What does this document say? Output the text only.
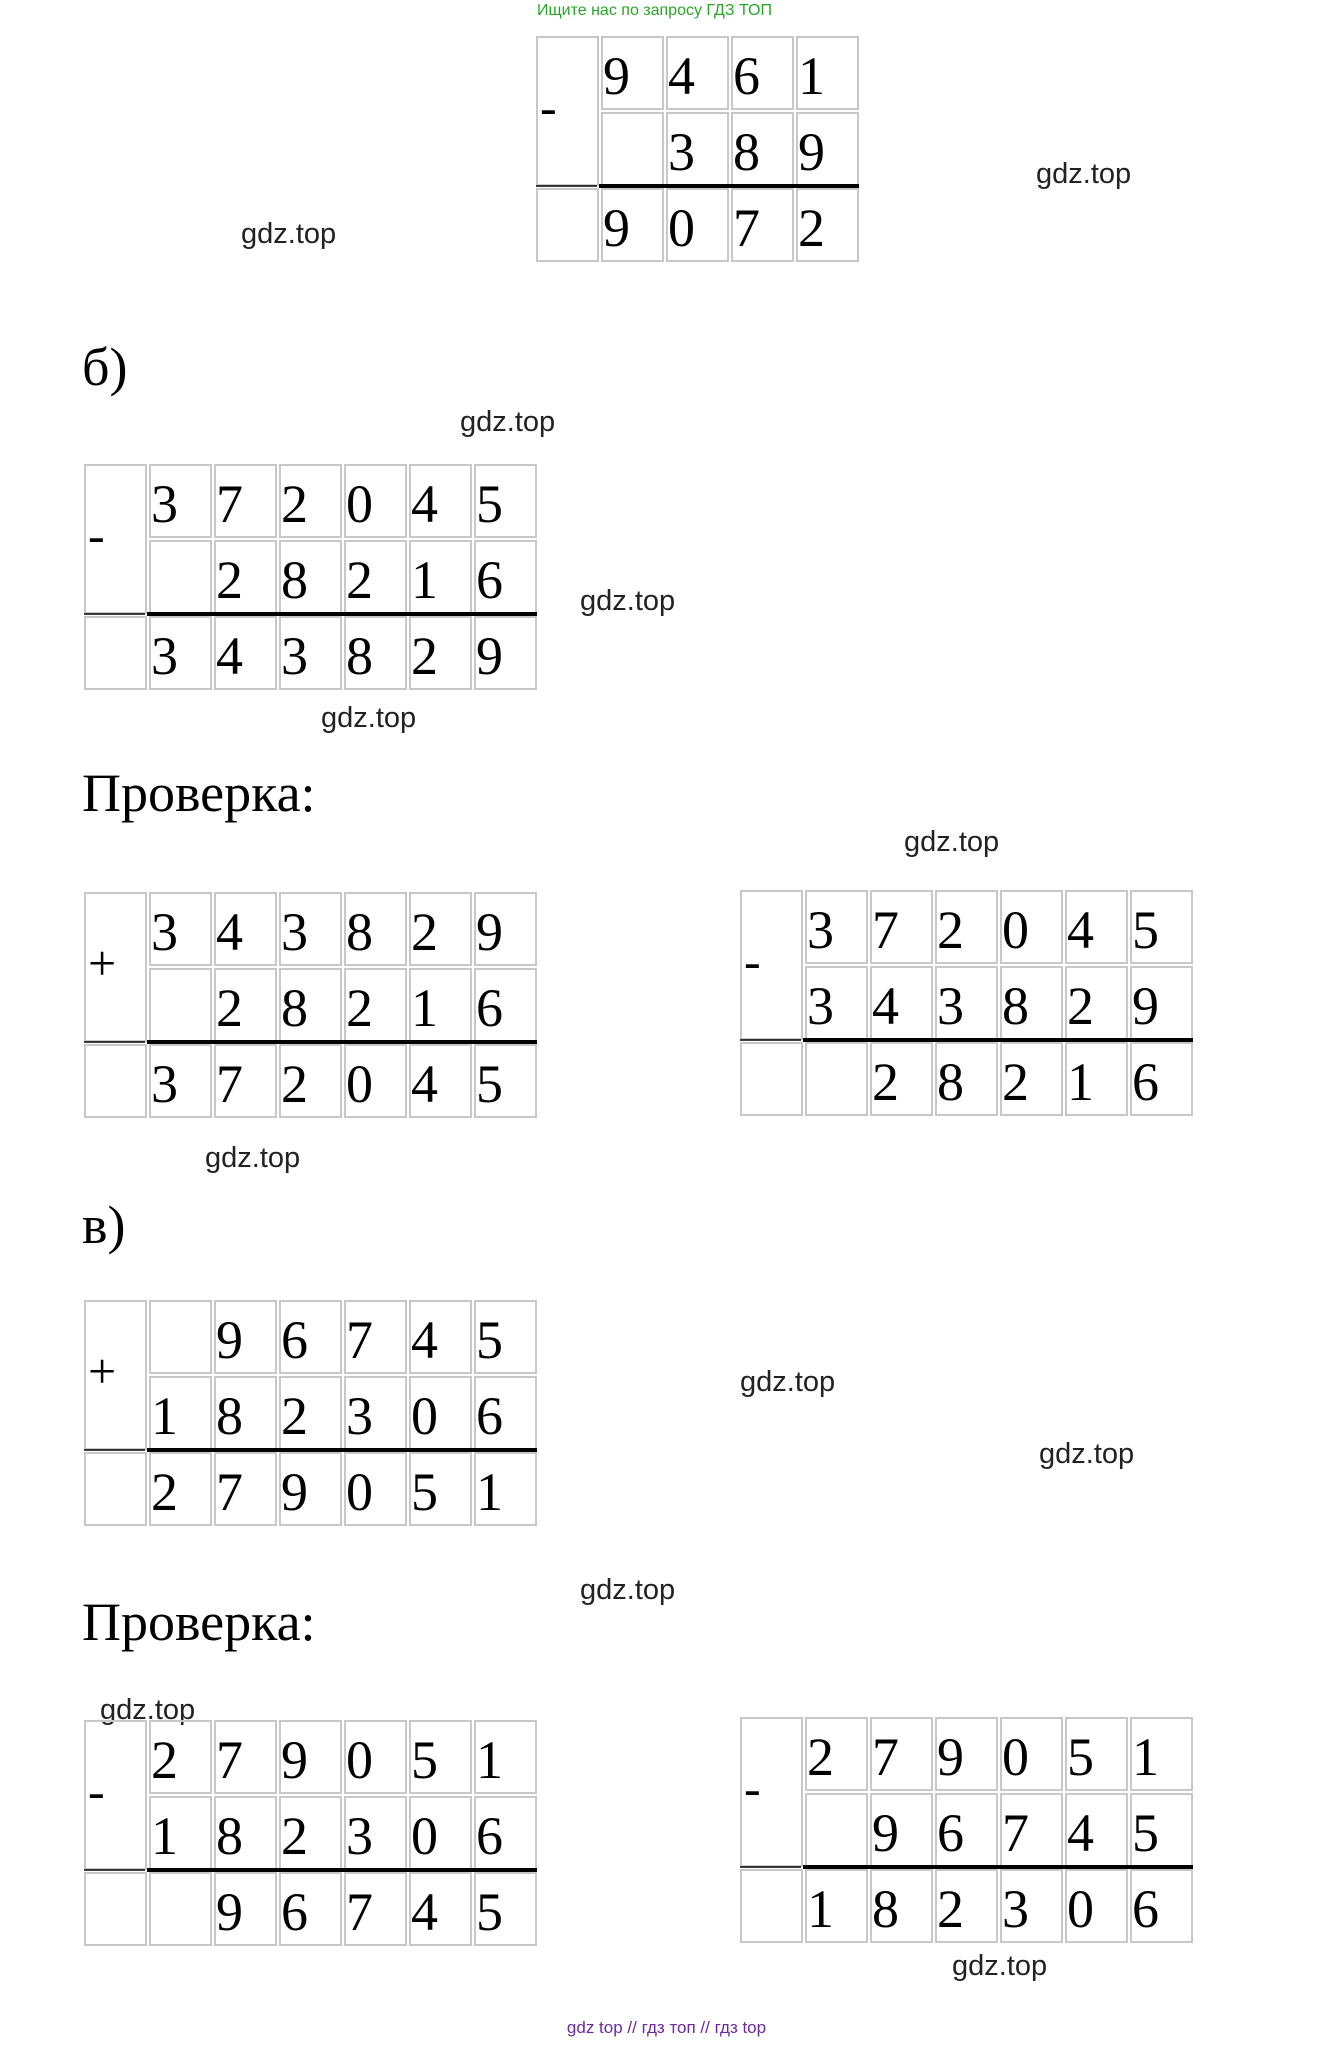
Ищите нас по запросу ГДЗ ТОП
gdz.top
gdz.top
gdz.top
gdz.top
gdz.top
gdz.top
gdz.top
gdz.top
gdz.top
gdz.top
gdz.top
gdz.top
б)
Проверка:
в)
Проверка:
-
9 4 6 1
3 8 9
9 0 7 2
-
3 7 2 0 4 5
2 8 2 1 6
3 4 3 8 2 9
+
3 4 3 8 2 9
2 8 2 1 6
3 7 2 0 4 5
-
3 7 2 0 4 5
3 4 3 8 2 9
2 8 2 1 6
+
9 6 7 4 5
1 8 2 3 0 6
2 7 9 0 5 1
-
2 7 9 0 5 1
1 8 2 3 0 6
9 6 7 4 5
-
2 7 9 0 5 1
9 6 7 4 5
1 8 2 3 0 6
gdz top // гдз топ // гдз top
